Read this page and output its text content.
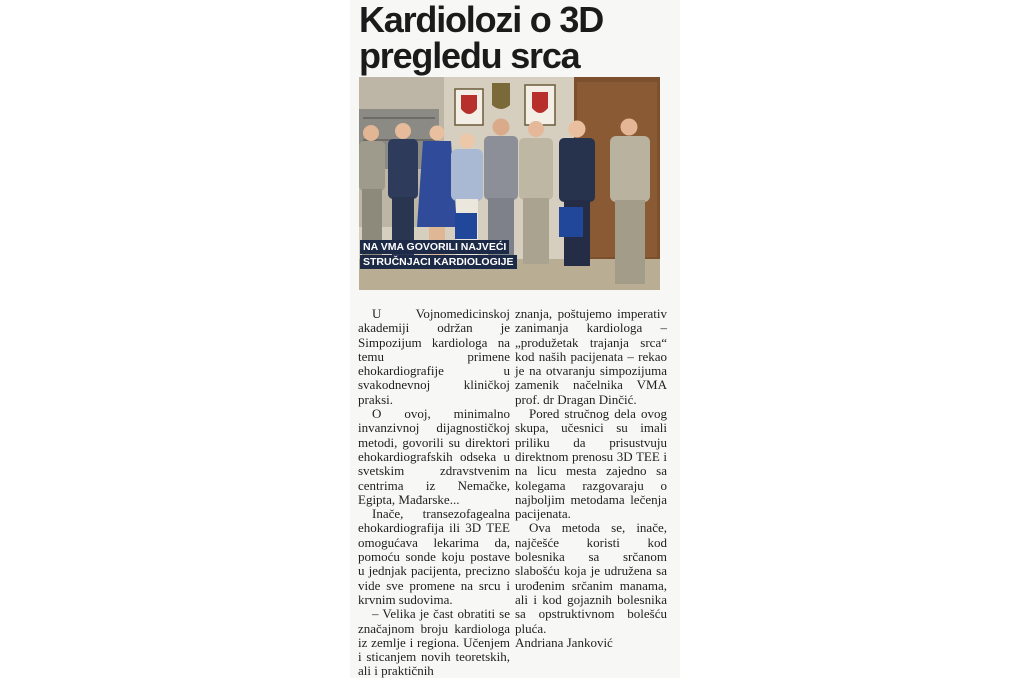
Kardiolozi o 3D
pregledu srca
NA VMA GOVORILI NAJVEĆI
STRUČNJACI KARDIOLOGIJE

U Vojnomedicinskoj akademiji održan je Simpozijum kardiologa na temu primene ehokardiografije u svakodnevnoj kliničkoj praksi.

O ovoj, minimalno invanzivnoj dijagnostičkoj metodi, govorili su direktori ehokardiografskih odseka u svetskim zdravstvenim centrima iz Nemačke, Egipta, Mađarske...

Inače, transezofagealna ehokardiografija ili 3D TEE omogućava lekarima da, pomoću sonde koju postave u jednjak pacijenta, precizno vide sve promene na srcu i krvnim sudovima.

– Velika je čast obratiti se značajnom broju kardiologa iz zemlje i regiona. Učenjem i sticanjem novih teoretskih, ali i praktičnih

znanja, poštujemo imperativ zanimanja kardiologa – „produžetak trajanja srca“ kod naših pacijenata – rekao je na otvaranju simpozijuma zamenik načelnika VMA prof. dr Dragan Dinčić.

Pored stručnog dela ovog skupa, učesnici su imali priliku da prisustvuju direktnom prenosu 3D TEE i na licu mesta zajedno sa kolegama razgovaraju o najboljim metodama lečenja pacijenata.

Ova metoda se, inače, najčešće koristi kod bolesnika sa srčanom slabošću koja je udružena sa urođenim srčanim manama, ali i kod gojaznih bolesnika sa opstruktivnom bolešću pluća.

Andriana Janković
